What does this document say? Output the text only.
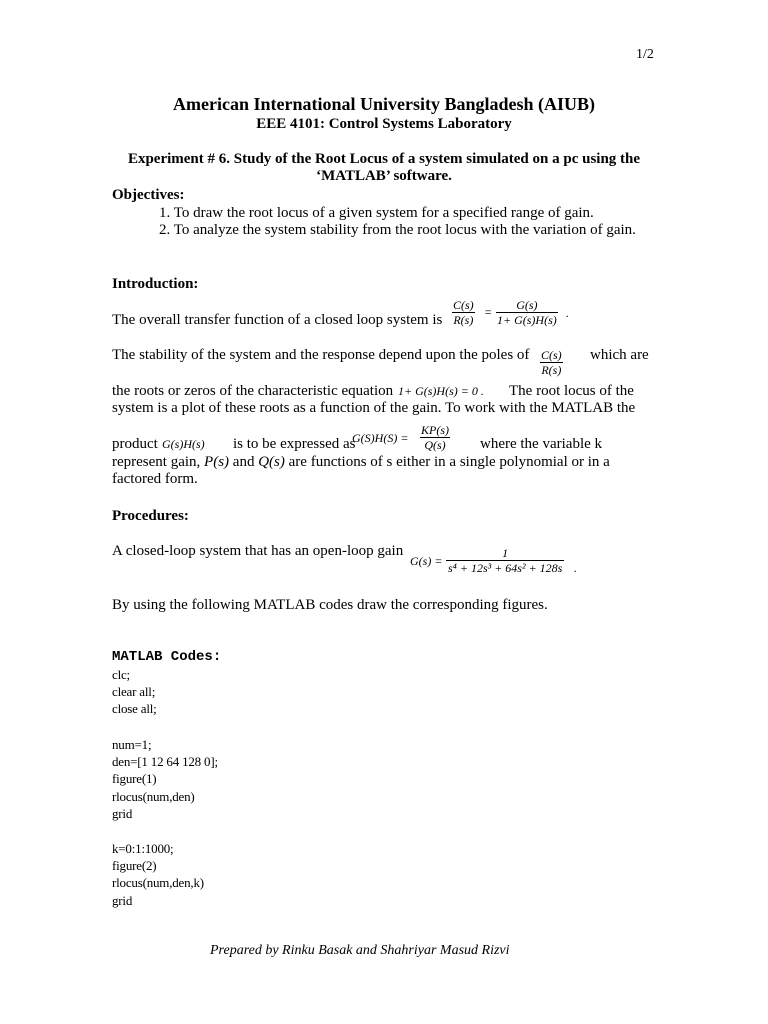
1/2
American International University Bangladesh (AIUB)
EEE 4101: Control Systems Laboratory
Experiment # 6. Study of the Root Locus of a system simulated on a pc using the
‘MATLAB’ software.
Objectives:
1. To draw the root locus of a given system for a specified range of gain.
2. To analyze the system stability from the root locus with the variation of gain.
Introduction:
The overall transfer function of a closed loop system is $\frac{C(s)}{R(s)} = \frac{G(s)}{1+ G(s)H(s)}$ .
The stability of the system and the response depend upon the poles of $\frac{C(s)}{R(s)}$ which are
the roots or zeros of the characteristic equation 1+ G(s)H(s) = 0 . The root locus of the
system is a plot of these roots as a function of the gain. To work with the MATLAB the
product G(s)H(s) is to be expressed as
$G(S)H(S) = \frac{KP(s)}{Q(s)}$ where the variable k
represent gain, P(s) and Q(s) are functions of s either in a single polynomial or in a
factored form.
Procedures:
A closed-loop system that has an open-loop gain
$G(s) = \frac{1}{\text{s⁴ + 12s³ + 64s² + 128s}}$ .
By using the following MATLAB codes draw the corresponding figures.
MATLAB Codes:
clc;
clear all;
close all;
num=1;
den=[1 12 64 128 0];
figure(1)
rlocus(num,den)
grid
k=0:1:1000;
figure(2)
rlocus(num,den,k)
grid
Prepared by Rinku Basak and Shahriyar Masud Rizvi
